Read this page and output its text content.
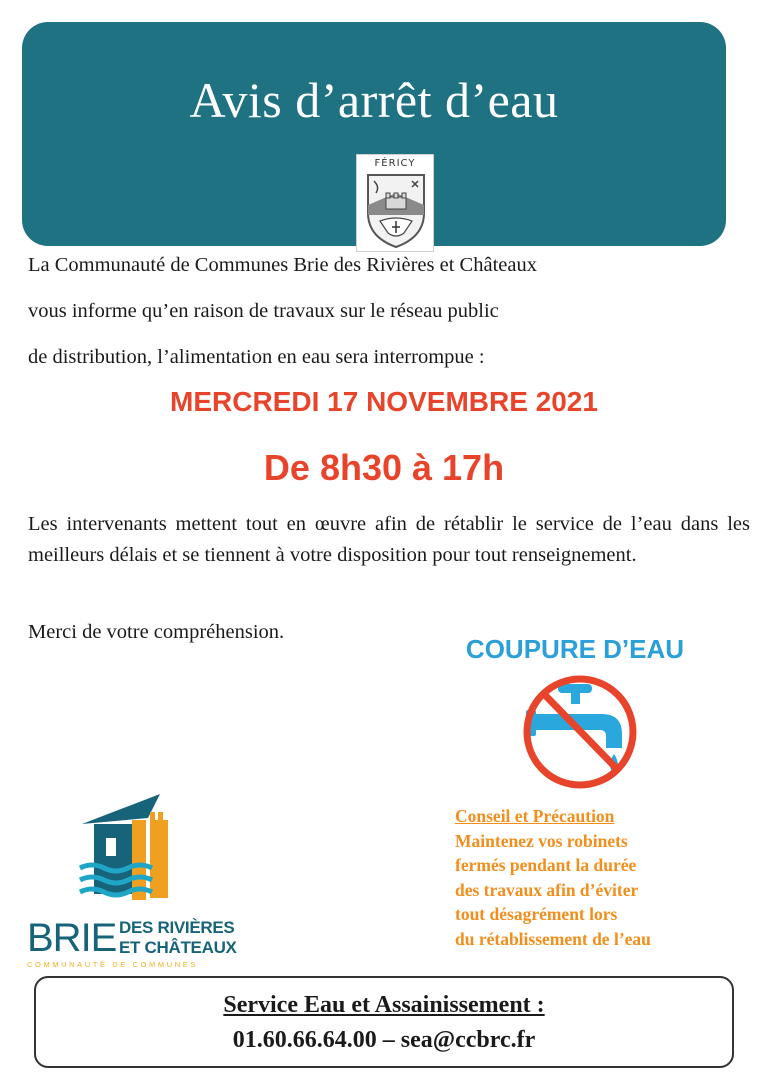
Avis d’arrêt d’eau
FÉRICY
La Communauté de Communes Brie des Rivières et Châteaux
vous informe qu’en raison de travaux sur le réseau public
de distribution, l’alimentation en eau sera interrompue :
MERCREDI 17 NOVEMBRE 2021
De 8h30 à 17h
Les intervenants mettent tout en œuvre afin de rétablir le service de l’eau dans les meilleurs délais et se tiennent à votre disposition pour tout renseignement.
Merci de votre compréhension.
COUPURE D’EAU
Conseil et Précaution
Maintenez vos robinets
fermés pendant la durée
des travaux afin d’éviter
tout désagrément lors
du rétablissement de l’eau
BRIE DES RIVIÈRES
ET CHÂTEAUX
COMMUNAUTÉ DE COMMUNES
Service Eau et Assainissement :
01.60.66.64.00 – sea@ccbrc.fr
